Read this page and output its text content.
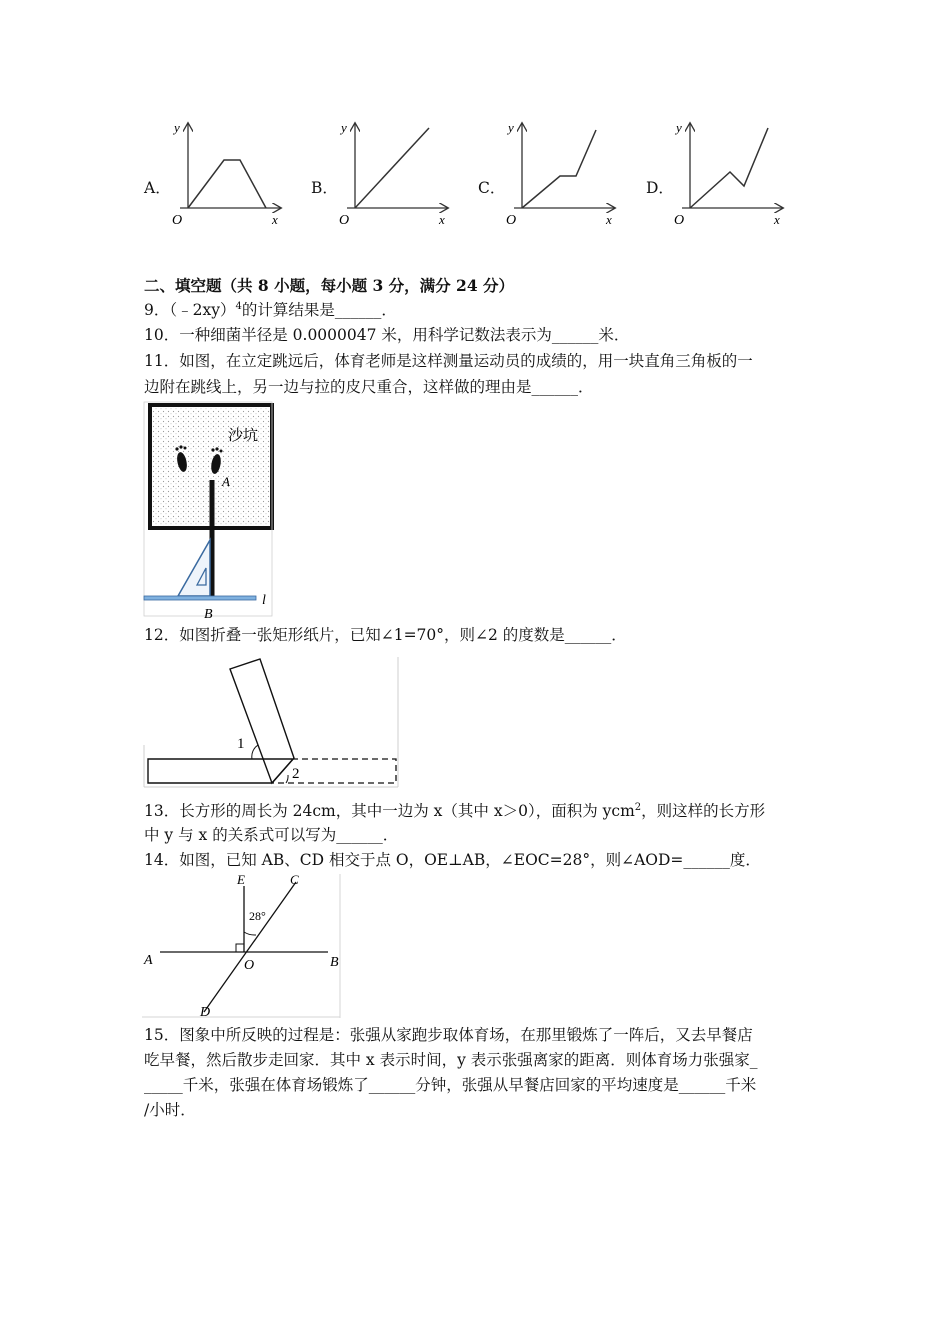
A．
y
O	x
B．
y
O	x
C．
y
O	x
D．
y
O	x
二、填空题（共 8 小题，每小题 3 分，满分 24 分）
9．（﹣2xy）$^4$的计算结果是______．
10．一种细菌半径是 0.0000047 米，用科学记数法表示为______米．
11．如图，在立定跳远后，体育老师是这样测量运动员的成绩的，用一块直角三角板的一
边附在跳线上，另一边与拉的皮尺重合，这样做的理由是______．
沙坑
A
l
B
12．如图折叠一张矩形纸片，已知∠1=70°，则∠2 的度数是______．
1
2
13．长方形的周长为 24cm，其中一边为 x（其中 x＞0），面积为 ycm$^2$，则这样的长方形
中 y 与 x 的关系式可以写为______．
14．如图，已知 AB、CD 相交于点 O，OE⊥AB，∠EOC=28°，则∠AOD=______度．
E	C
28°
A	O	B
D
15．图象中所反映的过程是：张强从家跑步取体育场，在那里锻炼了一阵后，又去早餐店
吃早餐，然后散步走回家．其中 x 表示时间，y 表示张强离家的距离．则体育场力张强家_
_____千米，张强在体育场锻炼了______分钟，张强从早餐店回家的平均速度是______千米
/小时．
